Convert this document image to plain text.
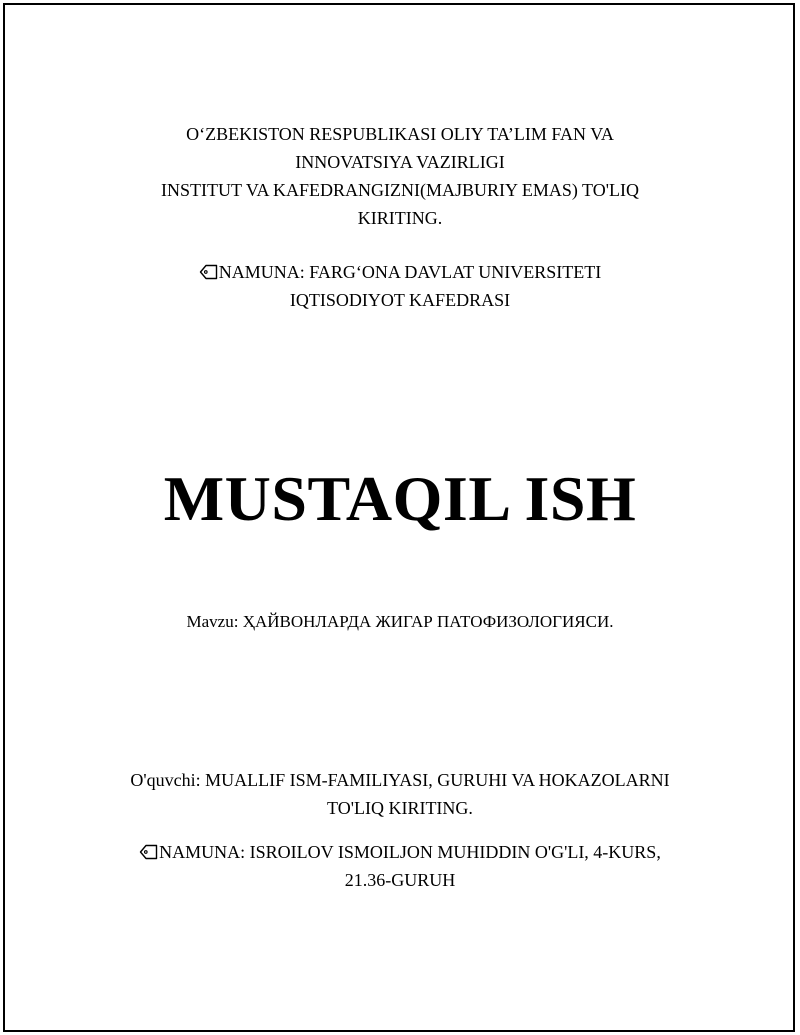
O‘ZBEKISTON RESPUBLIKASI OLIY TA’LIM FAN VA
INNOVATSIYA VAZIRLIGI
INSTITUT VA KAFEDRANGIZNI(MAJBURIY EMAS) TO'LIQ
KIRITING.
NAMUNA: FARG‘ONA DAVLAT UNIVERSITETI
IQTISODIYOT KAFEDRASI
MUSTAQIL ISH
Mavzu: ҲАЙВОНЛАРДА ЖИГАР ПАТОФИЗОЛОГИЯСИ.
O'quvchi: MUALLIF ISM-FAMILIYASI, GURUHI VA HOKAZOLARNI
TO'LIQ KIRITING.
NAMUNA: ISROILOV ISMOILJON MUHIDDIN O'G'LI, 4-KURS,
21.36-GURUH
